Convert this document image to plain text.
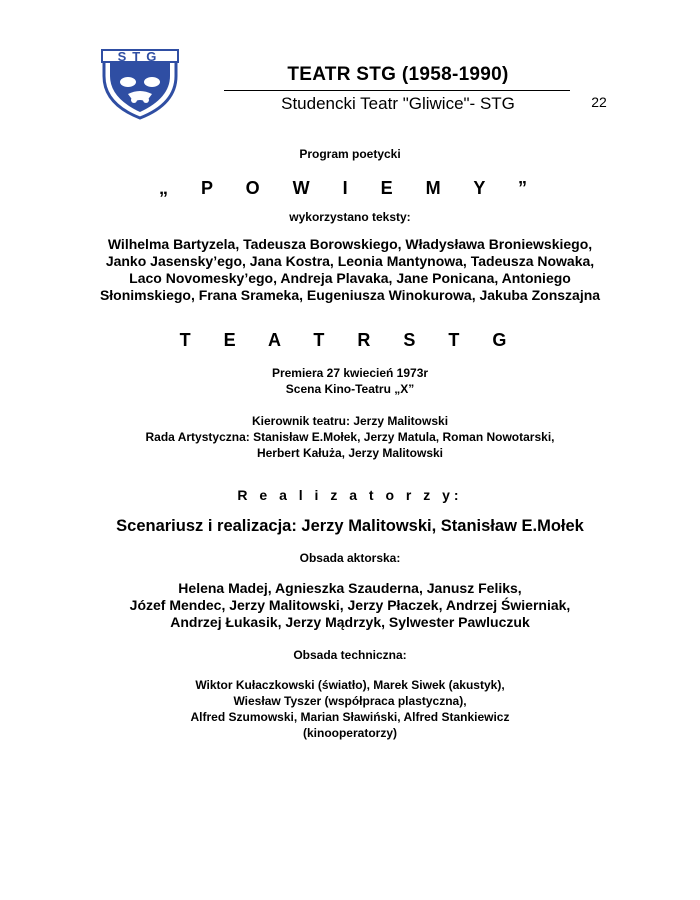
STG
TEATR STG (1958-1990)
Studencki Teatr "Gliwice"- STG	22
Program poetycki
„ P O W I E M Y ”
wykorzystano teksty:
Wilhelma Bartyzela, Tadeusza Borowskiego, Władysława Broniewskiego,
Janko Jasensky’ego, Jana Kostra, Leonia Mantynowa, Tadeusza Nowaka,
Laco Novomesky’ego, Andreja Plavaka, Jane Ponicana, Antoniego
Słonimskiego, Frana Srameka, Eugeniusza Winokurowa, Jakuba Zonszajna
T E A T R S T G
Premiera 27 kwiecień 1973r
Scena Kino-Teatru „X”
Kierownik teatru: Jerzy Malitowski
Rada Artystyczna: Stanisław E.Mołek, Jerzy Matula, Roman Nowotarski,
Herbert Kałuża, Jerzy Malitowski
R e a l i z a t o r z y:
Scenariusz i realizacja: Jerzy Malitowski, Stanisław E.Mołek
Obsada aktorska:
Helena Madej, Agnieszka Szauderna, Janusz Feliks,
Józef Mendec, Jerzy Malitowski, Jerzy Płaczek, Andrzej Świerniak,
Andrzej Łukasik, Jerzy Mądrzyk, Sylwester Pawluczuk
Obsada techniczna:
Wiktor Kułaczkowski (światło), Marek Siwek (akustyk),
Wiesław Tyszer (współpraca plastyczna),
Alfred Szumowski, Marian Sławiński, Alfred Stankiewicz
(kinooperatorzy)
